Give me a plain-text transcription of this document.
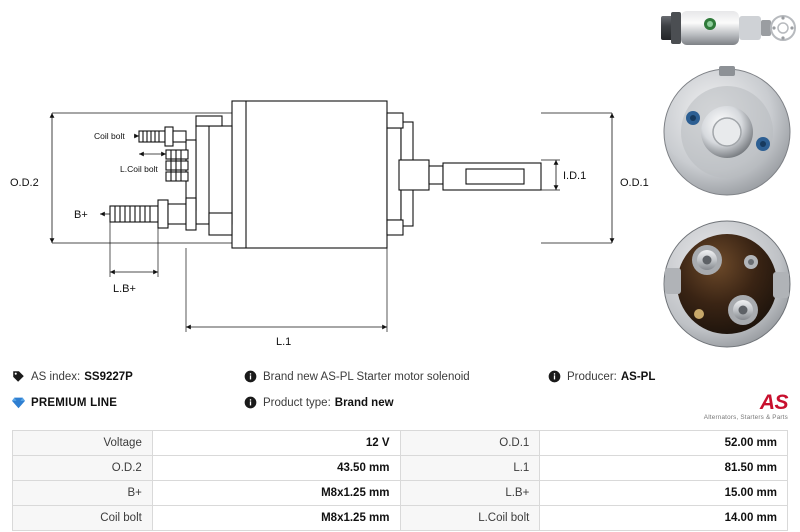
O.D.2	O.D.1
I.D.1
L.1
L.B+
B+
Coil bolt
L.Coil bolt
AS index: SS9227P
PREMIUM LINE
Brand new AS-PL Starter motor solenoid
Product type: Brand new
Producer: AS-PL
AS
Alternators, Starters & Parts
Voltage	12 V	O.D.1	52.00 mm
O.D.2	43.50 mm	L.1	81.50 mm
B+	M8x1.25 mm	L.B+	15.00 mm
Coil bolt	M8x1.25 mm	L.Coil bolt	14.00 mm
